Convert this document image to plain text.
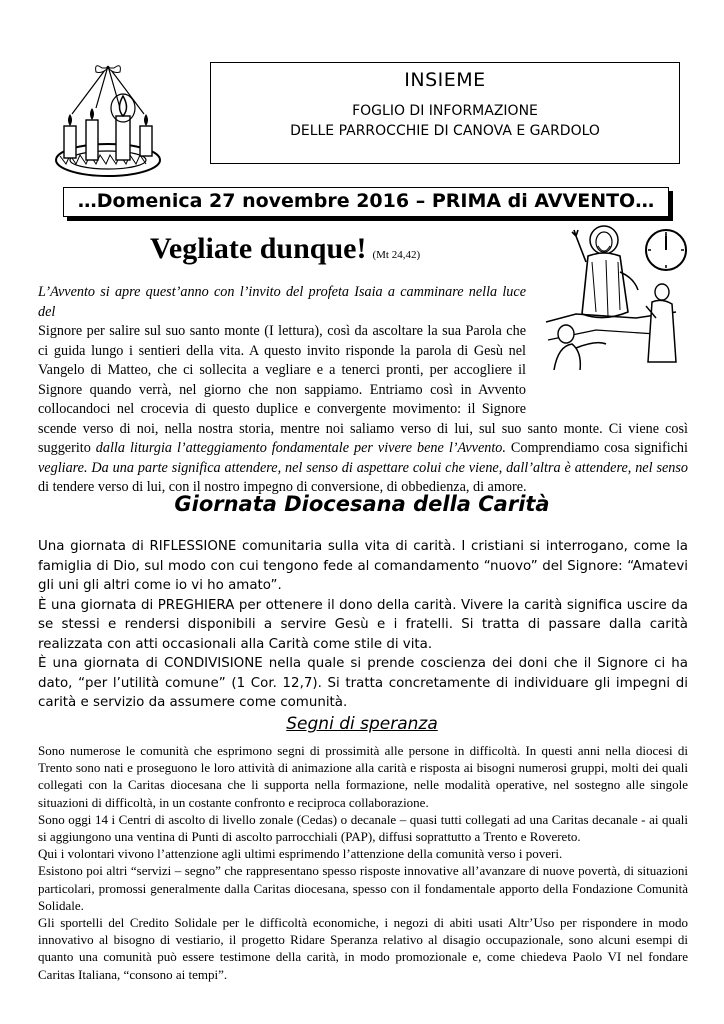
INSIEME
FOGLIO DI INFORMAZIONE
DELLE PARROCCHIE DI CANOVA E GARDOLO
…Domenica 27 novembre 2016 – PRIMA di AVVENTO…
Vegliate dunque! (Mt 24,42)
L’Avvento si apre quest’anno con l’invito del profeta Isaia a camminare nella luce del
Signore per salire sul suo santo monte (I lettura), così da ascoltare la sua Parola che
ci guida lungo i sentieri della vita. A questo invito risponde la parola di Gesù nel
Vangelo di Matteo, che ci sollecita a vegliare e a tenerci pronti, per accogliere il
Signore quando verrà, nel giorno che non sappiamo. Entriamo così in Avvento
collocandoci nel crocevia di questo duplice e convergente movimento: il Signore
scende verso di noi, nella nostra storia, mentre noi saliamo verso di lui, sul suo santo monte. Ci viene così suggerito dalla liturgia l’atteggiamento fondamentale per vivere bene l’Avvento. Comprendiamo cosa significhi vegliare. Da una parte significa attendere, nel senso di aspettare colui che viene, dall’altra è attendere, nel senso di tendere verso di lui, con il nostro impegno di conversione, di obbedienza, di amore.
Giornata Diocesana della Carità

Una giornata di RIFLESSIONE comunitaria sulla vita di carità. I cristiani si interrogano, come la famiglia di Dio, sul modo con cui tengono fede al comandamento “nuovo” del Signore: “Amatevi gli uni gli altri come io vi ho amato”.

È una giornata di PREGHIERA per ottenere il dono della carità. Vivere la carità significa uscire da se stessi e rendersi disponibili a servire Gesù e i fratelli. Si tratta di passare dalla carità realizzata con atti occasionali alla Carità come stile di vita.

È una giornata di CONDIVISIONE nella quale si prende coscienza dei doni che il Signore ci ha dato, “per l’utilità comune” (1 Cor. 12,7). Si tratta concretamente di individuare gli impegni di carità e servizio da assumere come comunità.

Segni di speranza

Sono numerose le comunità che esprimono segni di prossimità alle persone in difficoltà. In questi anni nella diocesi di Trento sono nati e proseguono le loro attività di animazione alla carità e risposta ai bisogni numerosi gruppi, molti dei quali collegati con la Caritas diocesana che li supporta nella formazione, nelle modalità operative, nel sostegno alle singole situazioni di difficoltà, in un costante confronto e reciproca collaborazione.

Sono oggi 14 i Centri di ascolto di livello zonale (Cedas) o decanale – quasi tutti collegati ad una Caritas decanale - ai quali si aggiungono una ventina di Punti di ascolto parrocchiali (PAP), diffusi soprattutto a Trento e Rovereto.

Qui i volontari vivono l’attenzione agli ultimi esprimendo l’attenzione della comunità verso i poveri.

Esistono poi altri “servizi – segno” che rappresentano spesso risposte innovative all’avanzare di nuove povertà, di situazioni particolari, promossi generalmente dalla Caritas diocesana, spesso con il fondamentale apporto della Fondazione Comunità Solidale.

Gli sportelli del Credito Solidale per le difficoltà economiche, i negozi di abiti usati Altr’Uso per rispondere in modo innovativo al bisogno di vestiario, il progetto Ridare Speranza relativo al disagio occupazionale, sono alcuni esempi di quanto una comunità può essere testimone della carità, in modo promozionale e, come chiedeva Paolo VI nel fondare Caritas Italiana, “consono ai tempi”.
